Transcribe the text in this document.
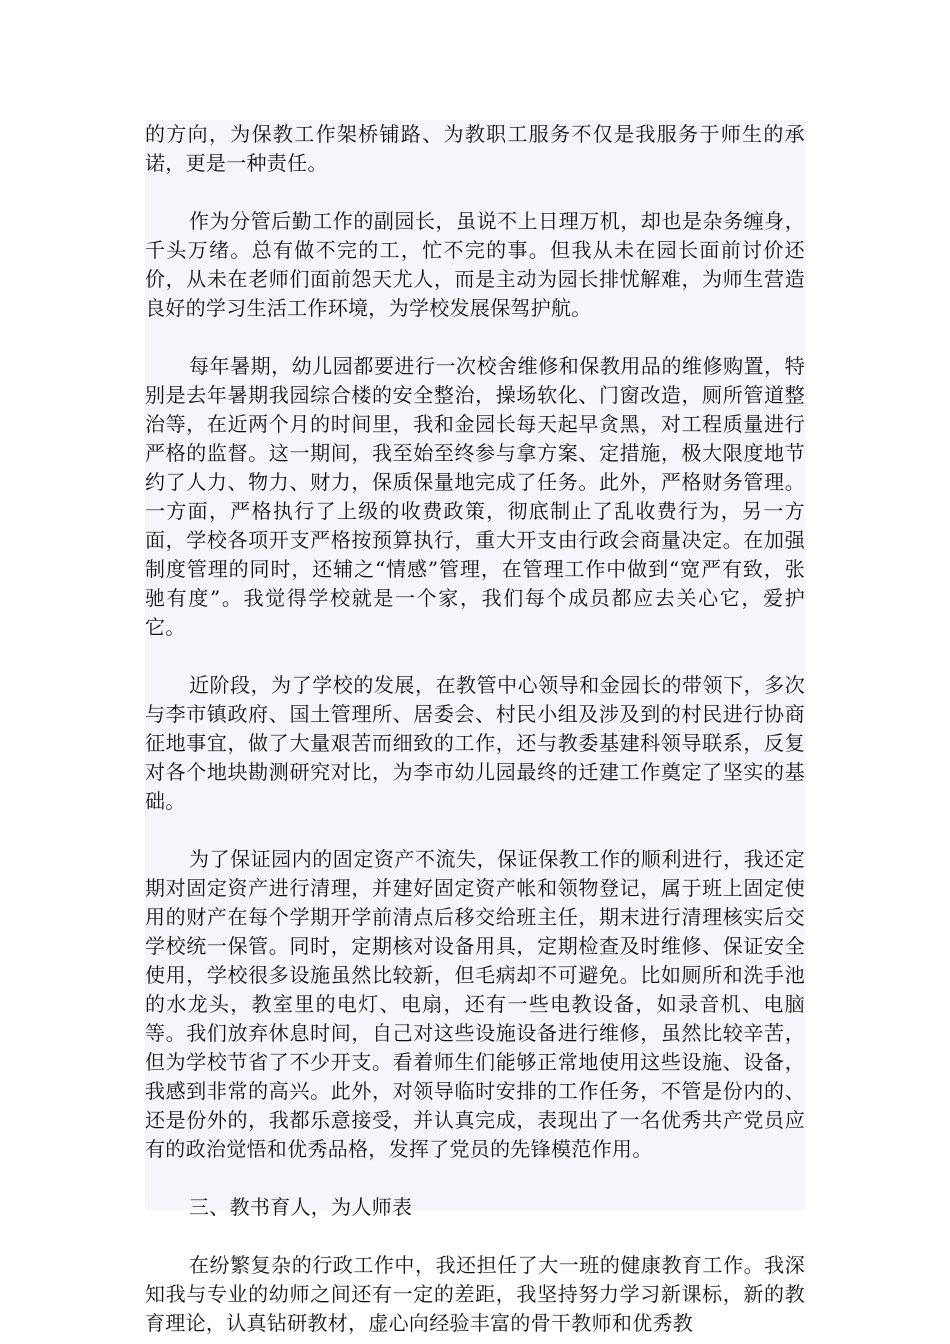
的方向，为保教工作架桥铺路、为教职工服务不仅是我服务于师生的承诺，更是一种责任。

作为分管后勤工作的副园长，虽说不上日理万机，却也是杂务缠身，千头万绪。总有做不完的工，忙不完的事。但我从未在园长面前讨价还价，从未在老师们面前怨天尤人，而是主动为园长排忧解难，为师生营造良好的学习生活工作环境，为学校发展保驾护航。

每年暑期，幼儿园都要进行一次校舍维修和保教用品的维修购置，特别是去年暑期我园综合楼的安全整治，操场软化、门窗改造，厕所管道整治等，在近两个月的时间里，我和金园长每天起早贪黑，对工程质量进行严格的监督。这一期间，我至始至终参与拿方案、定措施，极大限度地节约了人力、物力、财力，保质保量地完成了任务。此外，严格财务管理。一方面，严格执行了上级的收费政策，彻底制止了乱收费行为，另一方面，学校各项开支严格按预算执行，重大开支由行政会商量决定。在加强制度管理的同时，还辅之“情感”管理，在管理工作中做到“宽严有致，张驰有度”。我觉得学校就是一个家，我们每个成员都应去关心它，爱护它。

近阶段，为了学校的发展，在教管中心领导和金园长的带领下，多次与李市镇政府、国土管理所、居委会、村民小组及涉及到的村民进行协商征地事宜，做了大量艰苦而细致的工作，还与教委基建科领导联系，反复对各个地块勘测研究对比，为李市幼儿园最终的迁建工作奠定了坚实的基础。

为了保证园内的固定资产不流失，保证保教工作的顺利进行，我还定期对固定资产进行清理，并建好固定资产帐和领物登记，属于班上固定使用的财产在每个学期开学前清点后移交给班主任，期末进行清理核实后交学校统一保管。同时，定期核对设备用具，定期检查及时维修、保证安全使用，学校很多设施虽然比较新，但毛病却不可避免。比如厕所和洗手池的水龙头，教室里的电灯、电扇，还有一些电教设备，如录音机、电脑等。我们放弃休息时间，自己对这些设施设备进行维修，虽然比较辛苦，但为学校节省了不少开支。看着师生们能够正常地使用这些设施、设备，我感到非常的高兴。此外，对领导临时安排的工作任务，不管是份内的、还是份外的，我都乐意接受，并认真完成，表现出了一名优秀共产党员应有的政治觉悟和优秀品格，发挥了党员的先锋模范作用。

三、教书育人，为人师表

在纷繁复杂的行政工作中，我还担任了大一班的健康教育工作。我深知我与专业的幼师之间还有一定的差距，我坚持努力学习新课标，新的教育理论，认真钻研教材，虚心向经验丰富的骨干教师和优秀教
